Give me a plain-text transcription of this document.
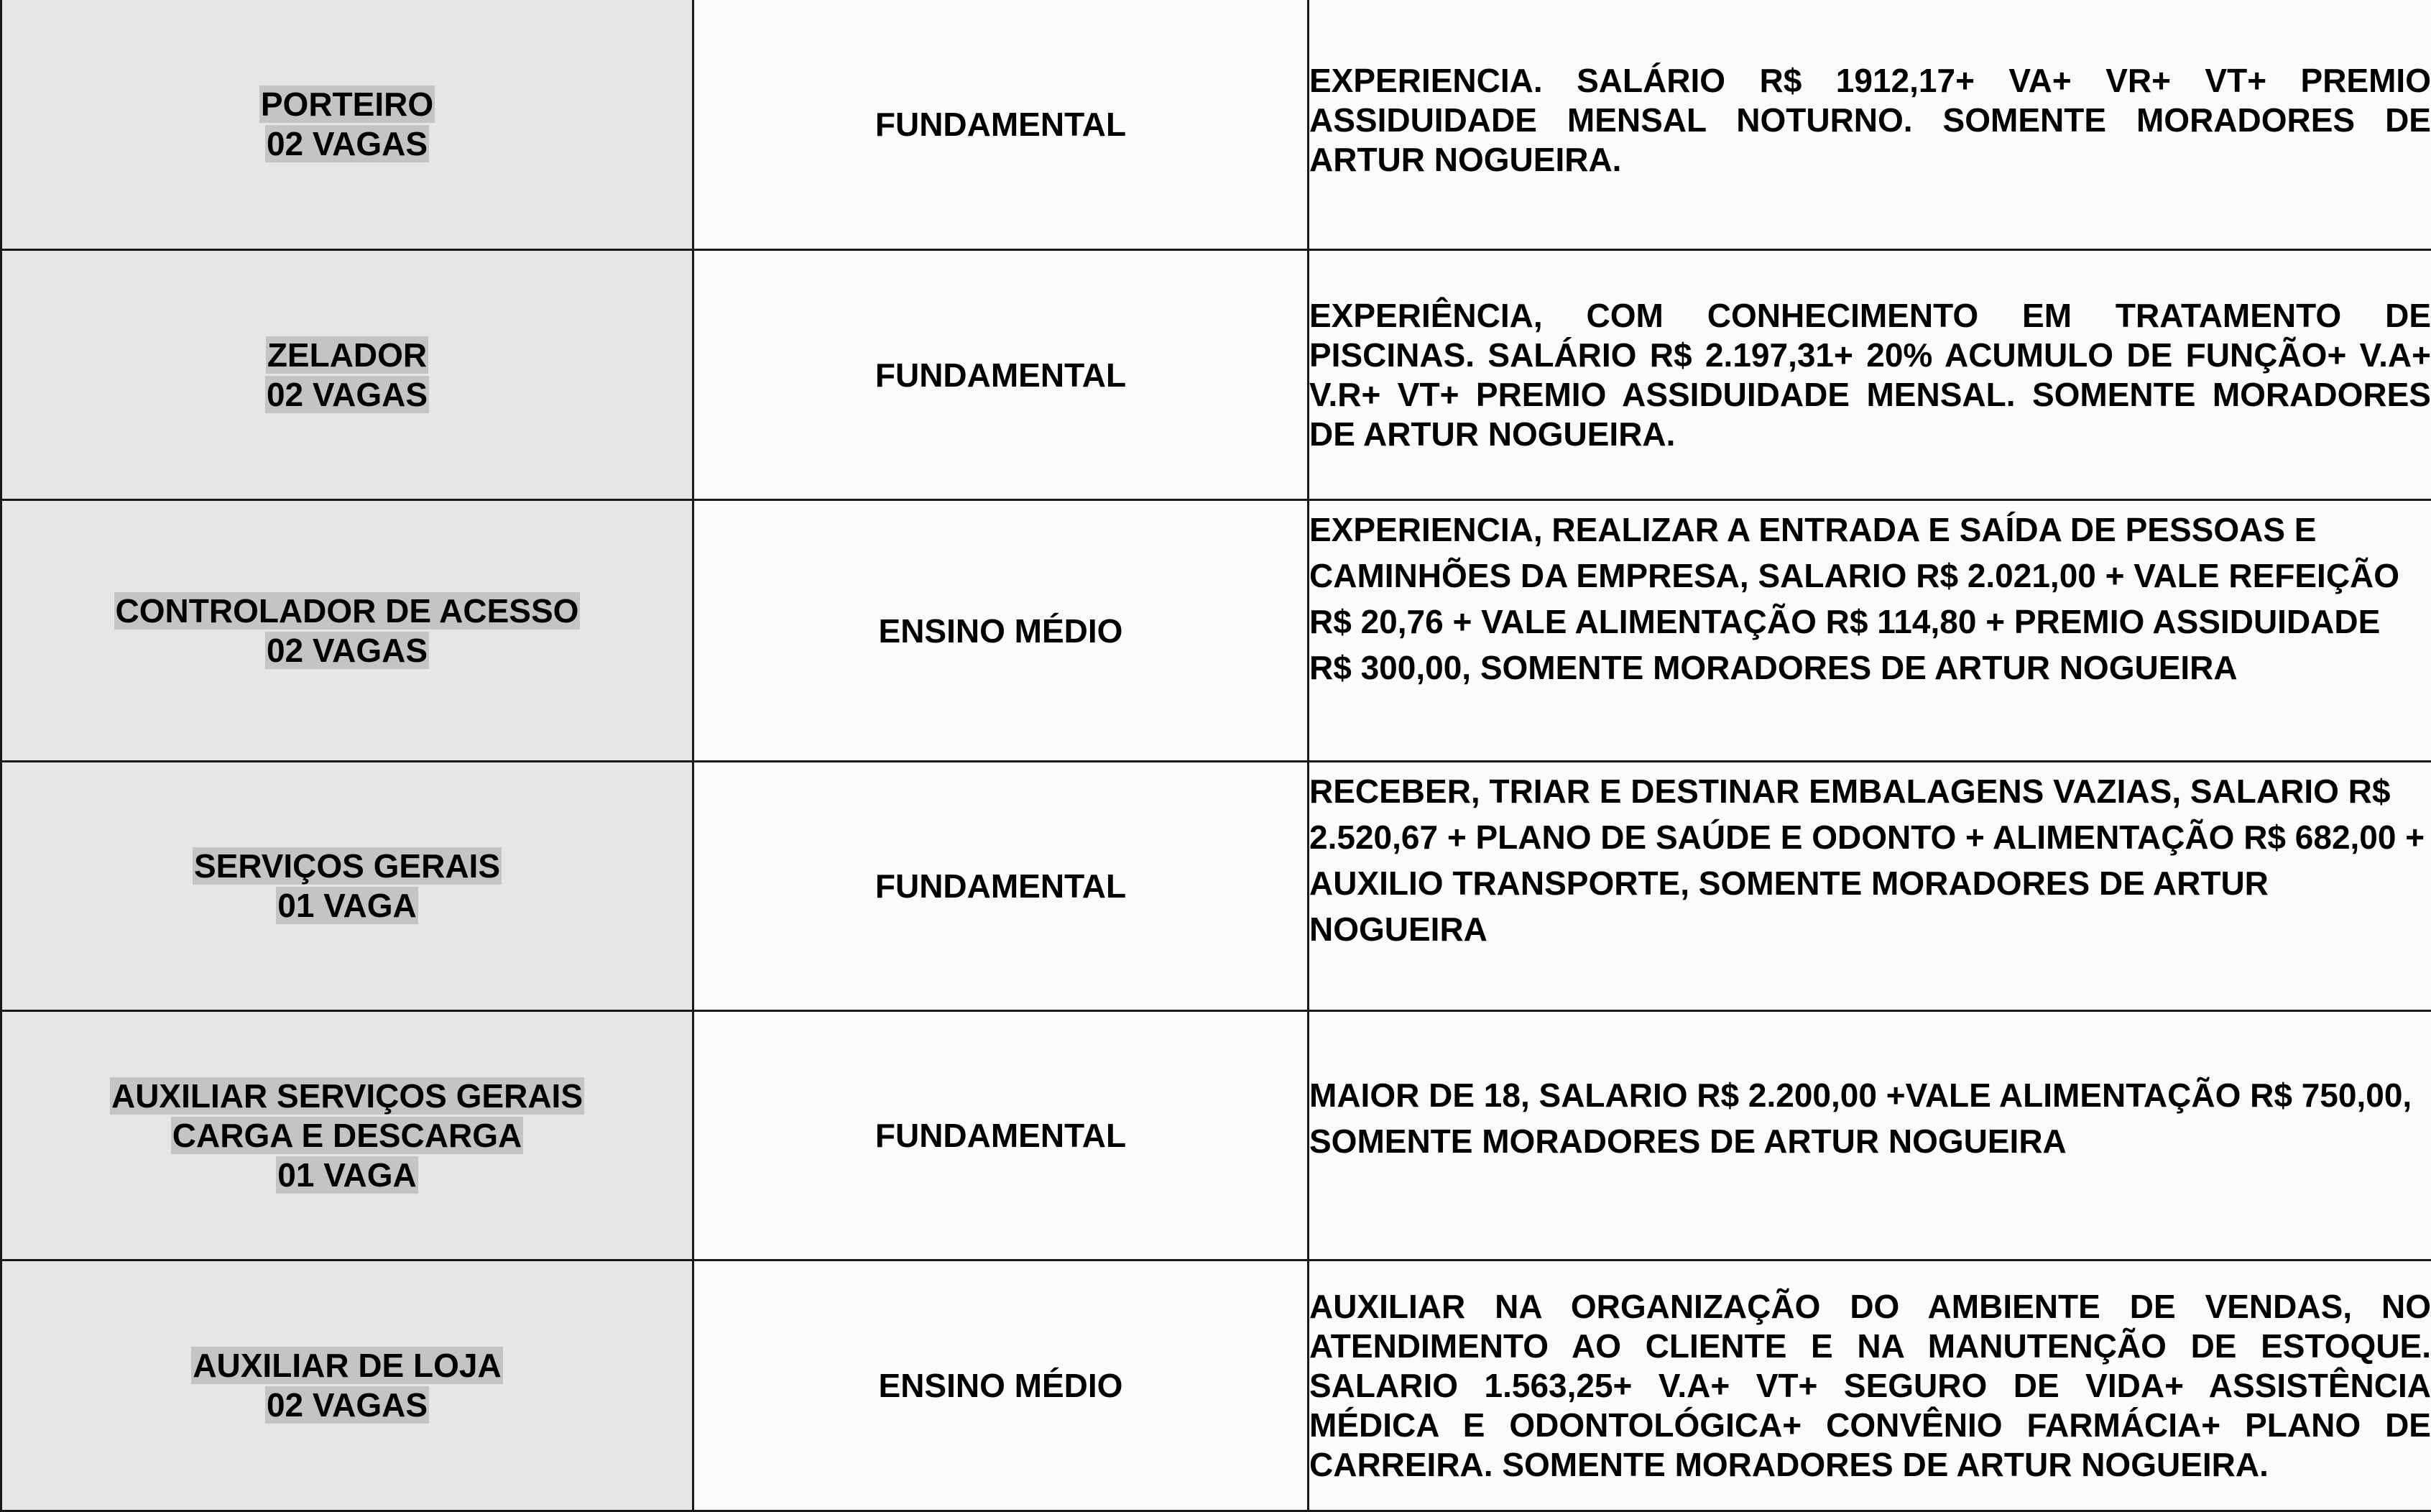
PORTEIRO
02 VAGAS	FUNDAMENTAL	EXPERIENCIA. SALÁRIO R$ 1912,17+ VA+ VR+ VT+ PREMIO ASSIDUIDADE MENSAL NOTURNO. SOMENTE MORADORES DE ARTUR NOGUEIRA.
ZELADOR
02 VAGAS	FUNDAMENTAL	EXPERIÊNCIA, COM CONHECIMENTO EM TRATAMENTO DE PISCINAS. SALÁRIO R$ 2.197,31+ 20% ACUMULO DE FUNÇÃO+ V.A+ V.R+ VT+ PREMIO ASSIDUIDADE MENSAL. SOMENTE MORADORES DE ARTUR NOGUEIRA.
CONTROLADOR DE ACESSO
02 VAGAS	ENSINO MÉDIO	EXPERIENCIA, REALIZAR A ENTRADA E SAÍDA DE PESSOAS E CAMINHÕES DA EMPRESA, SALARIO R$ 2.021,00 + VALE REFEIÇÃO R$ 20,76 + VALE ALIMENTAÇÃO R$ 114,80 + PREMIO ASSIDUIDADE R$ 300,00, SOMENTE MORADORES DE ARTUR NOGUEIRA
SERVIÇOS GERAIS
01 VAGA	FUNDAMENTAL	RECEBER, TRIAR E DESTINAR EMBALAGENS VAZIAS, SALARIO R$ 2.520,67 + PLANO DE SAÚDE E ODONTO + ALIMENTAÇÃO R$ 682,00 + AUXILIO TRANSPORTE, SOMENTE MORADORES DE ARTUR NOGUEIRA
AUXILIAR SERVIÇOS GERAIS
CARGA E DESCARGA
01 VAGA	FUNDAMENTAL	MAIOR DE 18, SALARIO R$ 2.200,00 +VALE ALIMENTAÇÃO R$ 750,00, SOMENTE MORADORES DE ARTUR NOGUEIRA
AUXILIAR DE LOJA
02 VAGAS	ENSINO MÉDIO	AUXILIAR NA ORGANIZAÇÃO DO AMBIENTE DE VENDAS, NO ATENDIMENTO AO CLIENTE E NA MANUTENÇÃO DE ESTOQUE. SALARIO 1.563,25+ V.A+ VT+ SEGURO DE VIDA+ ASSISTÊNCIA MÉDICA E ODONTOLÓGICA+ CONVÊNIO FARMÁCIA+ PLANO DE CARREIRA. SOMENTE MORADORES DE ARTUR NOGUEIRA.
